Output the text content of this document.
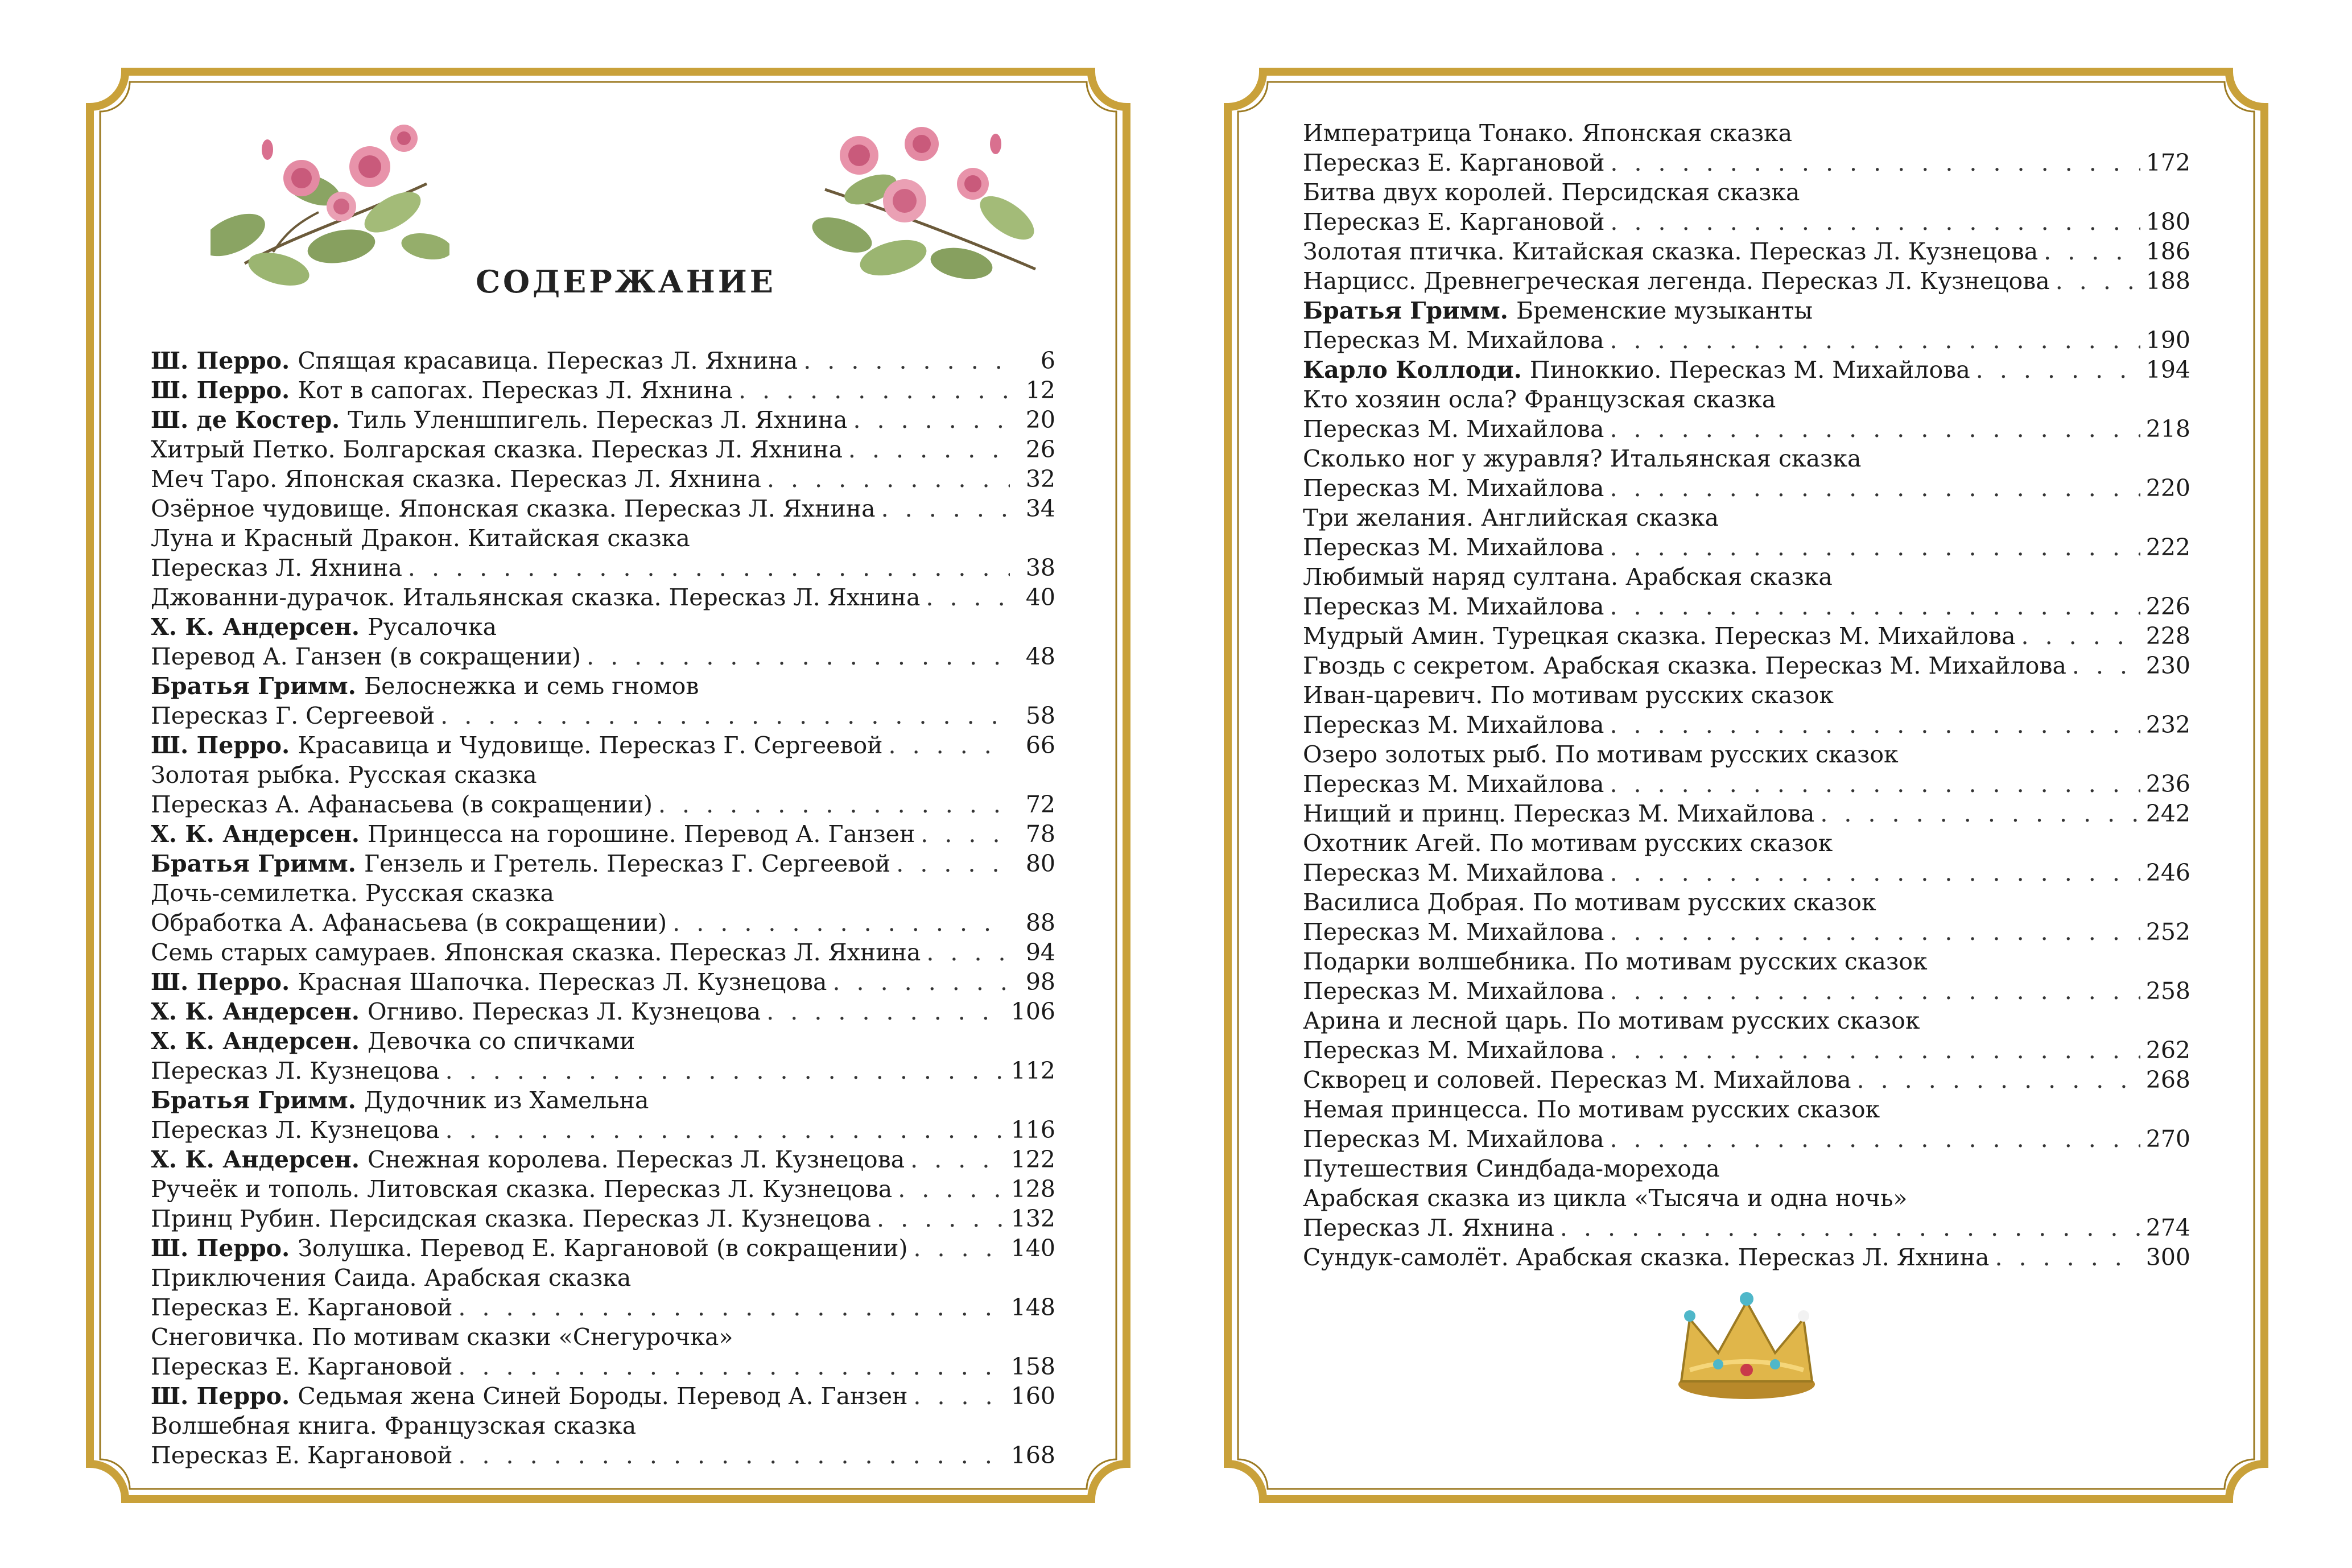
СОДЕРЖАНИЕ
Ш. Перро. Спящая красавица. Пересказ Л. Яхнина . . .	6
Ш. Перро. Кот в сапогах. Пересказ Л. Яхнина . . .	12
Ш. де Костер. Тиль Уленшпигель. Пересказ Л. Яхнина . . .	20
Хитрый Петко. Болгарская сказка. Пересказ Л. Яхнина . . .	26
Меч Таро. Японская сказка. Пересказ Л. Яхнина . . .	32
Озёрное чудовище. Японская сказка. Пересказ Л. Яхнина . . .	34
Луна и Красный Дракон. Китайская сказка
Пересказ Л. Яхнина . . .	38
Джованни-дурачок. Итальянская сказка. Пересказ Л. Яхнина . . .	40
Х. К. Андерсен. Русалочка
Перевод А. Ганзен (в сокращении) . . .	48
Братья Гримм. Белоснежка и семь гномов
Пересказ Г. Сергеевой . . .	58
Ш. Перро. Красавица и Чудовище. Пересказ Г. Сергеевой . . .	66
Золотая рыбка. Русская сказка
Пересказ А. Афанасьева (в сокращении) . . .	72
Х. К. Андерсен. Принцесса на горошине. Перевод А. Ганзен . . .	78
Братья Гримм. Гензель и Гретель. Пересказ Г. Сергеевой . . .	80
Дочь-семилетка. Русская сказка
Обработка А. Афанасьева (в сокращении) . . .	88
Семь старых самураев. Японская сказка. Пересказ Л. Яхнина . . .	94
Ш. Перро. Красная Шапочка. Пересказ Л. Кузнецова . . .	98
Х. К. Андерсен. Огниво. Пересказ Л. Кузнецова . . .	106
Х. К. Андерсен. Девочка со спичками
Пересказ Л. Кузнецова . . .	112
Братья Гримм. Дудочник из Хамельна
Пересказ Л. Кузнецова . . .	116
Х. К. Андерсен. Снежная королева. Пересказ Л. Кузнецова . . .	122
Ручеёк и тополь. Литовская сказка. Пересказ Л. Кузнецова . . .	128
Принц Рубин. Персидская сказка. Пересказ Л. Кузнецова . . .	132
Ш. Перро. Золушка. Перевод Е. Каргановой (в сокращении) . . .	140
Приключения Саида. Арабская сказка
Пересказ Е. Каргановой . . .	148
Снеговичка. По мотивам сказки «Снегурочка»
Пересказ Е. Каргановой . . .	158
Ш. Перро. Седьмая жена Синей Бороды. Перевод А. Ганзен . . .	160
Волшебная книга. Французская сказка
Пересказ Е. Каргановой . . .	168
Императрица Тонако. Японская сказка
Пересказ Е. Каргановой . . .	172
Битва двух королей. Персидская сказка
Пересказ Е. Каргановой . . .	180
Золотая птичка. Китайская сказка. Пересказ Л. Кузнецова . . .	186
Нарцисс. Древнегреческая легенда. Пересказ Л. Кузнецова . . .	188
Братья Гримм. Бременские музыканты
Пересказ М. Михайлова . . .	190
Карло Коллоди. Пиноккио. Пересказ М. Михайлова . . .	194
Кто хозяин осла? Французская сказка
Пересказ М. Михайлова . . .	218
Сколько ног у журавля? Итальянская сказка
Пересказ М. Михайлова . . .	220
Три желания. Английская сказка
Пересказ М. Михайлова . . .	222
Любимый наряд султана. Арабская сказка
Пересказ М. Михайлова . . .	226
Мудрый Амин. Турецкая сказка. Пересказ М. Михайлова . . .	228
Гвоздь с секретом. Арабская сказка. Пересказ М. Михайлова . . .	230
Иван-царевич. По мотивам русских сказок
Пересказ М. Михайлова . . .	232
Озеро золотых рыб. По мотивам русских сказок
Пересказ М. Михайлова . . .	236
Нищий и принц. Пересказ М. Михайлова . . .	242
Охотник Агей. По мотивам русских сказок
Пересказ М. Михайлова . . .	246
Василиса Добрая. По мотивам русских сказок
Пересказ М. Михайлова . . .	252
Подарки волшебника. По мотивам русских сказок
Пересказ М. Михайлова . . .	258
Арина и лесной царь. По мотивам русских сказок
Пересказ М. Михайлова . . .	262
Скворец и соловей. Пересказ М. Михайлова . . .	268
Немая принцесса. По мотивам русских сказок
Пересказ М. Михайлова . . .	270
Путешествия Синдбада-морехода
Арабская сказка из цикла «Тысяча и одна ночь»
Пересказ Л. Яхнина . . .	274
Сундук-самолёт. Арабская сказка. Пересказ Л. Яхнина . . .	300
